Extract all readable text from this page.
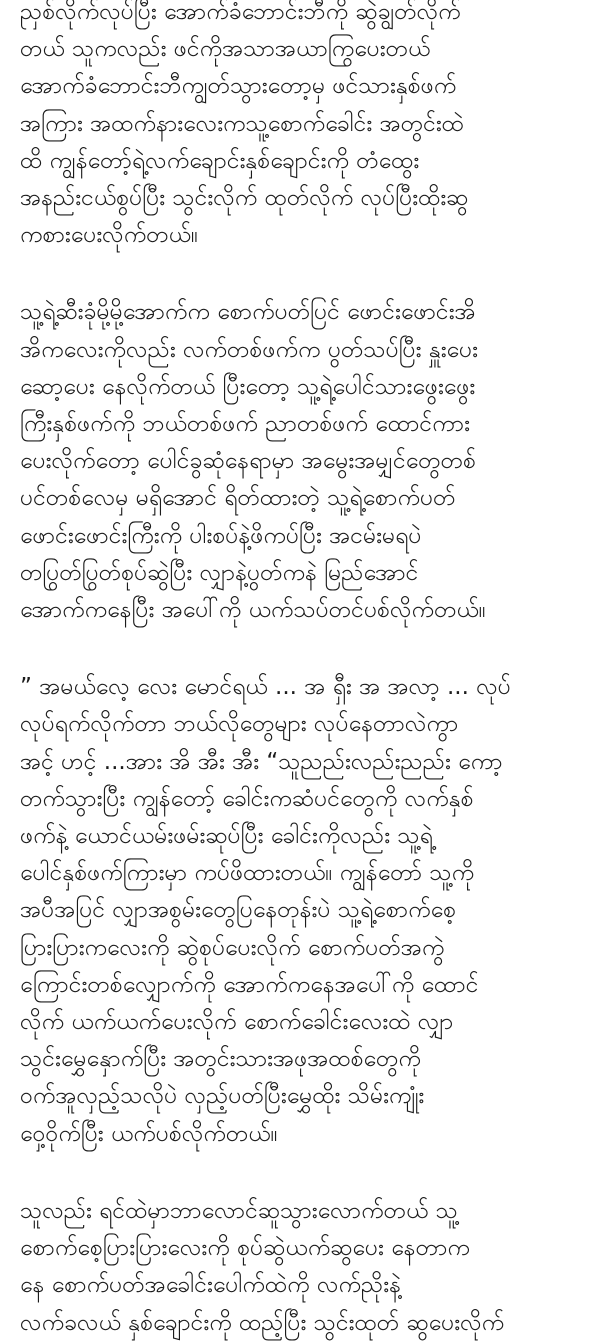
ညှစ်လိုက်လုပ်ပြီး အောက်ခံဘောင်းဘီကို ဆွဲချွတ်လိုက်
တယ် သူကလည်း ဖင်ကိုအသာအယာကြွပေးတယ်
အောက်ခံဘောင်းဘီကျွတ်သွားတော့မှ ဖင်သားနှစ်ဖက်
အကြား အထက်နားလေးကသူ့စောက်ခေါင်း အတွင်းထဲ
ထိ ကျွန်တော့်ရဲ့လက်ချောင်းနှစ်ချောင်းကို တံထွေး
အနည်းငယ်စွပ်ပြီး သွင်းလိုက် ထုတ်လိုက် လုပ်ပြီးထိုးဆွ
ကစားပေးလိုက်တယ်။
သူ့ရဲ့ဆီးခုံမို့မို့အောက်က စောက်ပတ်ပြင် ဖောင်းဖောင်းအိ
အိကလေးကိုလည်း လက်တစ်ဖက်က ပွတ်သပ်ပြီး နှူးပေး
ဆော့ပေး နေလိုက်တယ် ပြီးတော့ သူ့ရဲ့ပေါင်သားဖွေးဖွေး
ကြီးနှစ်ဖက်ကို ဘယ်တစ်ဖက် ညာတစ်ဖက် ထောင်ကား
ပေးလိုက်တော့ ပေါင်ခွဆုံနေရာမှာ အမွေးအမျှင်တွေတစ်
ပင်တစ်လေမှ မရှိအောင် ရိတ်ထားတဲ့ သူ့ရဲ့စောက်ပတ်
ဖောင်းဖောင်းကြီးကို ပါးစပ်နဲ့ဖိကပ်ပြီး အငမ်းမရပဲ
တပြွတ်ပြွတ်စုပ်ဆွဲပြီး လျှာနဲ့ပွတ်ကနဲ မြည်အောင်
အောက်ကနေပြီး အပေါ်ကို ယက်သပ်တင်ပစ်လိုက်တယ်။
” အမယ်လေ့ လေး မောင်ရယ် ... အ ရှီး အ အလာ့ ... လုပ်
လုပ်ရက်လိုက်တာ ဘယ်လိုတွေများ လုပ်နေတာလဲကွာ
အင့် ဟင့် ...အား အိ အီး အီး “သူညည်းလည်းညည်း ကော့
တက်သွားပြီး ကျွန်တော့် ခေါင်းကဆံပင်တွေကို လက်နှစ်
ဖက်နဲ့ ယောင်ယမ်းဖမ်းဆုပ်ပြီး ခေါင်းကိုလည်း သူ့ရဲ့
ပေါင်နှစ်ဖက်ကြားမှာ ကပ်ဖိထားတယ်။ ကျွန်တော် သူ့ကို
အပီအပြင် လျှာအစွမ်းတွေပြနေတုန်းပဲ သူ့ရဲ့စောက်စေ့
ပြားပြားကလေးကို ဆွဲစုပ်ပေးလိုက် စောက်ပတ်အကွဲ
ကြောင်းတစ်လျှောက်ကို အောက်ကနေအပေါ်ကို ထောင်
လိုက် ယက်ယက်ပေးလိုက် စောက်ခေါင်းလေးထဲ လျှာ
သွင်းမွှေနှောက်ပြီး အတွင်းသားအဖုအထစ်တွေကို
ဝက်အူလှည့်သလိုပဲ လှည့်ပတ်ပြီးမွှေထိုး သိမ်းကျုံး
ဝှေ့ဝိုက်ပြီး ယက်ပစ်လိုက်တယ်။
သူလည်း ရင်ထဲမှာဘာလောင်ဆူသွားလောက်တယ် သူ့
စောက်စေ့ပြားပြားလေးကို စုပ်ဆွဲယက်ဆွပေး နေတာက
နေ စောက်ပတ်အခေါင်းပေါက်ထဲကို လက်ညိုးနဲ့
လက်ခလယ် နှစ်ချောင်းကို ထည့်ပြီး သွင်းထုတ် ဆွပေးလိုက်
